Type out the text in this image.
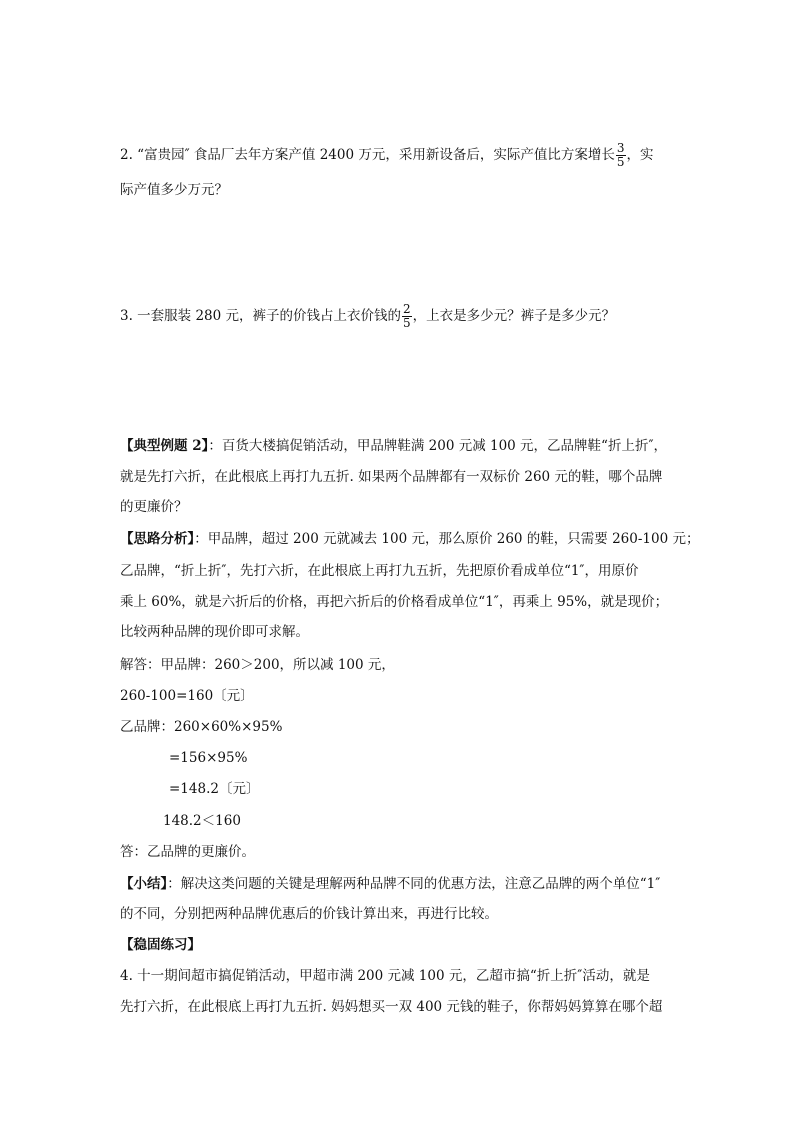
2. “富贵园″ 食品厂去年方案产值 2400 万元，采用新设备后，实际产值比方案增长 $\frac{3}{5}$ ，实
际产值多少万元？
3. 一套服装 280 元，裤子的价钱占上衣价钱的 $\frac{2}{5}$ ，上衣是多少元？裤子是多少元？
【典型例题 2】：百货大楼搞促销活动，甲品牌鞋满 200 元减 100 元，乙品牌鞋“折上折″，
就是先打六折，在此根底上再打九五折. 如果两个品牌都有一双标价 260 元的鞋，哪个品牌
的更廉价？
【思路分析】：甲品牌，超过 200 元就减去 100 元，那么原价 260 的鞋，只需要 260-100 元；
乙品牌，“折上折″，先打六折，在此根底上再打九五折，先把原价看成单位“1″，用原价
乘上 60%，就是六折后的价格，再把六折后的价格看成单位“1″，再乘上 95%，就是现价；
比较两种品牌的现价即可求解。
解答：甲品牌：260＞200，所以减 100 元，
260-100=160〔元〕
乙品牌：260×60%×95%
=156×95%
=148.2〔元〕
148.2＜160
答：乙品牌的更廉价。
【小结】：解决这类问题的关键是理解两种品牌不同的优惠方法，注意乙品牌的两个单位“1″
的不同，分别把两种品牌优惠后的价钱计算出来，再进行比较。
【稳固练习】
4. 十一期间超市搞促销活动，甲超市满 200 元减 100 元，乙超市搞“折上折″活动，就是
先打六折，在此根底上再打九五折. 妈妈想买一双 400 元钱的鞋子，你帮妈妈算算在哪个超
